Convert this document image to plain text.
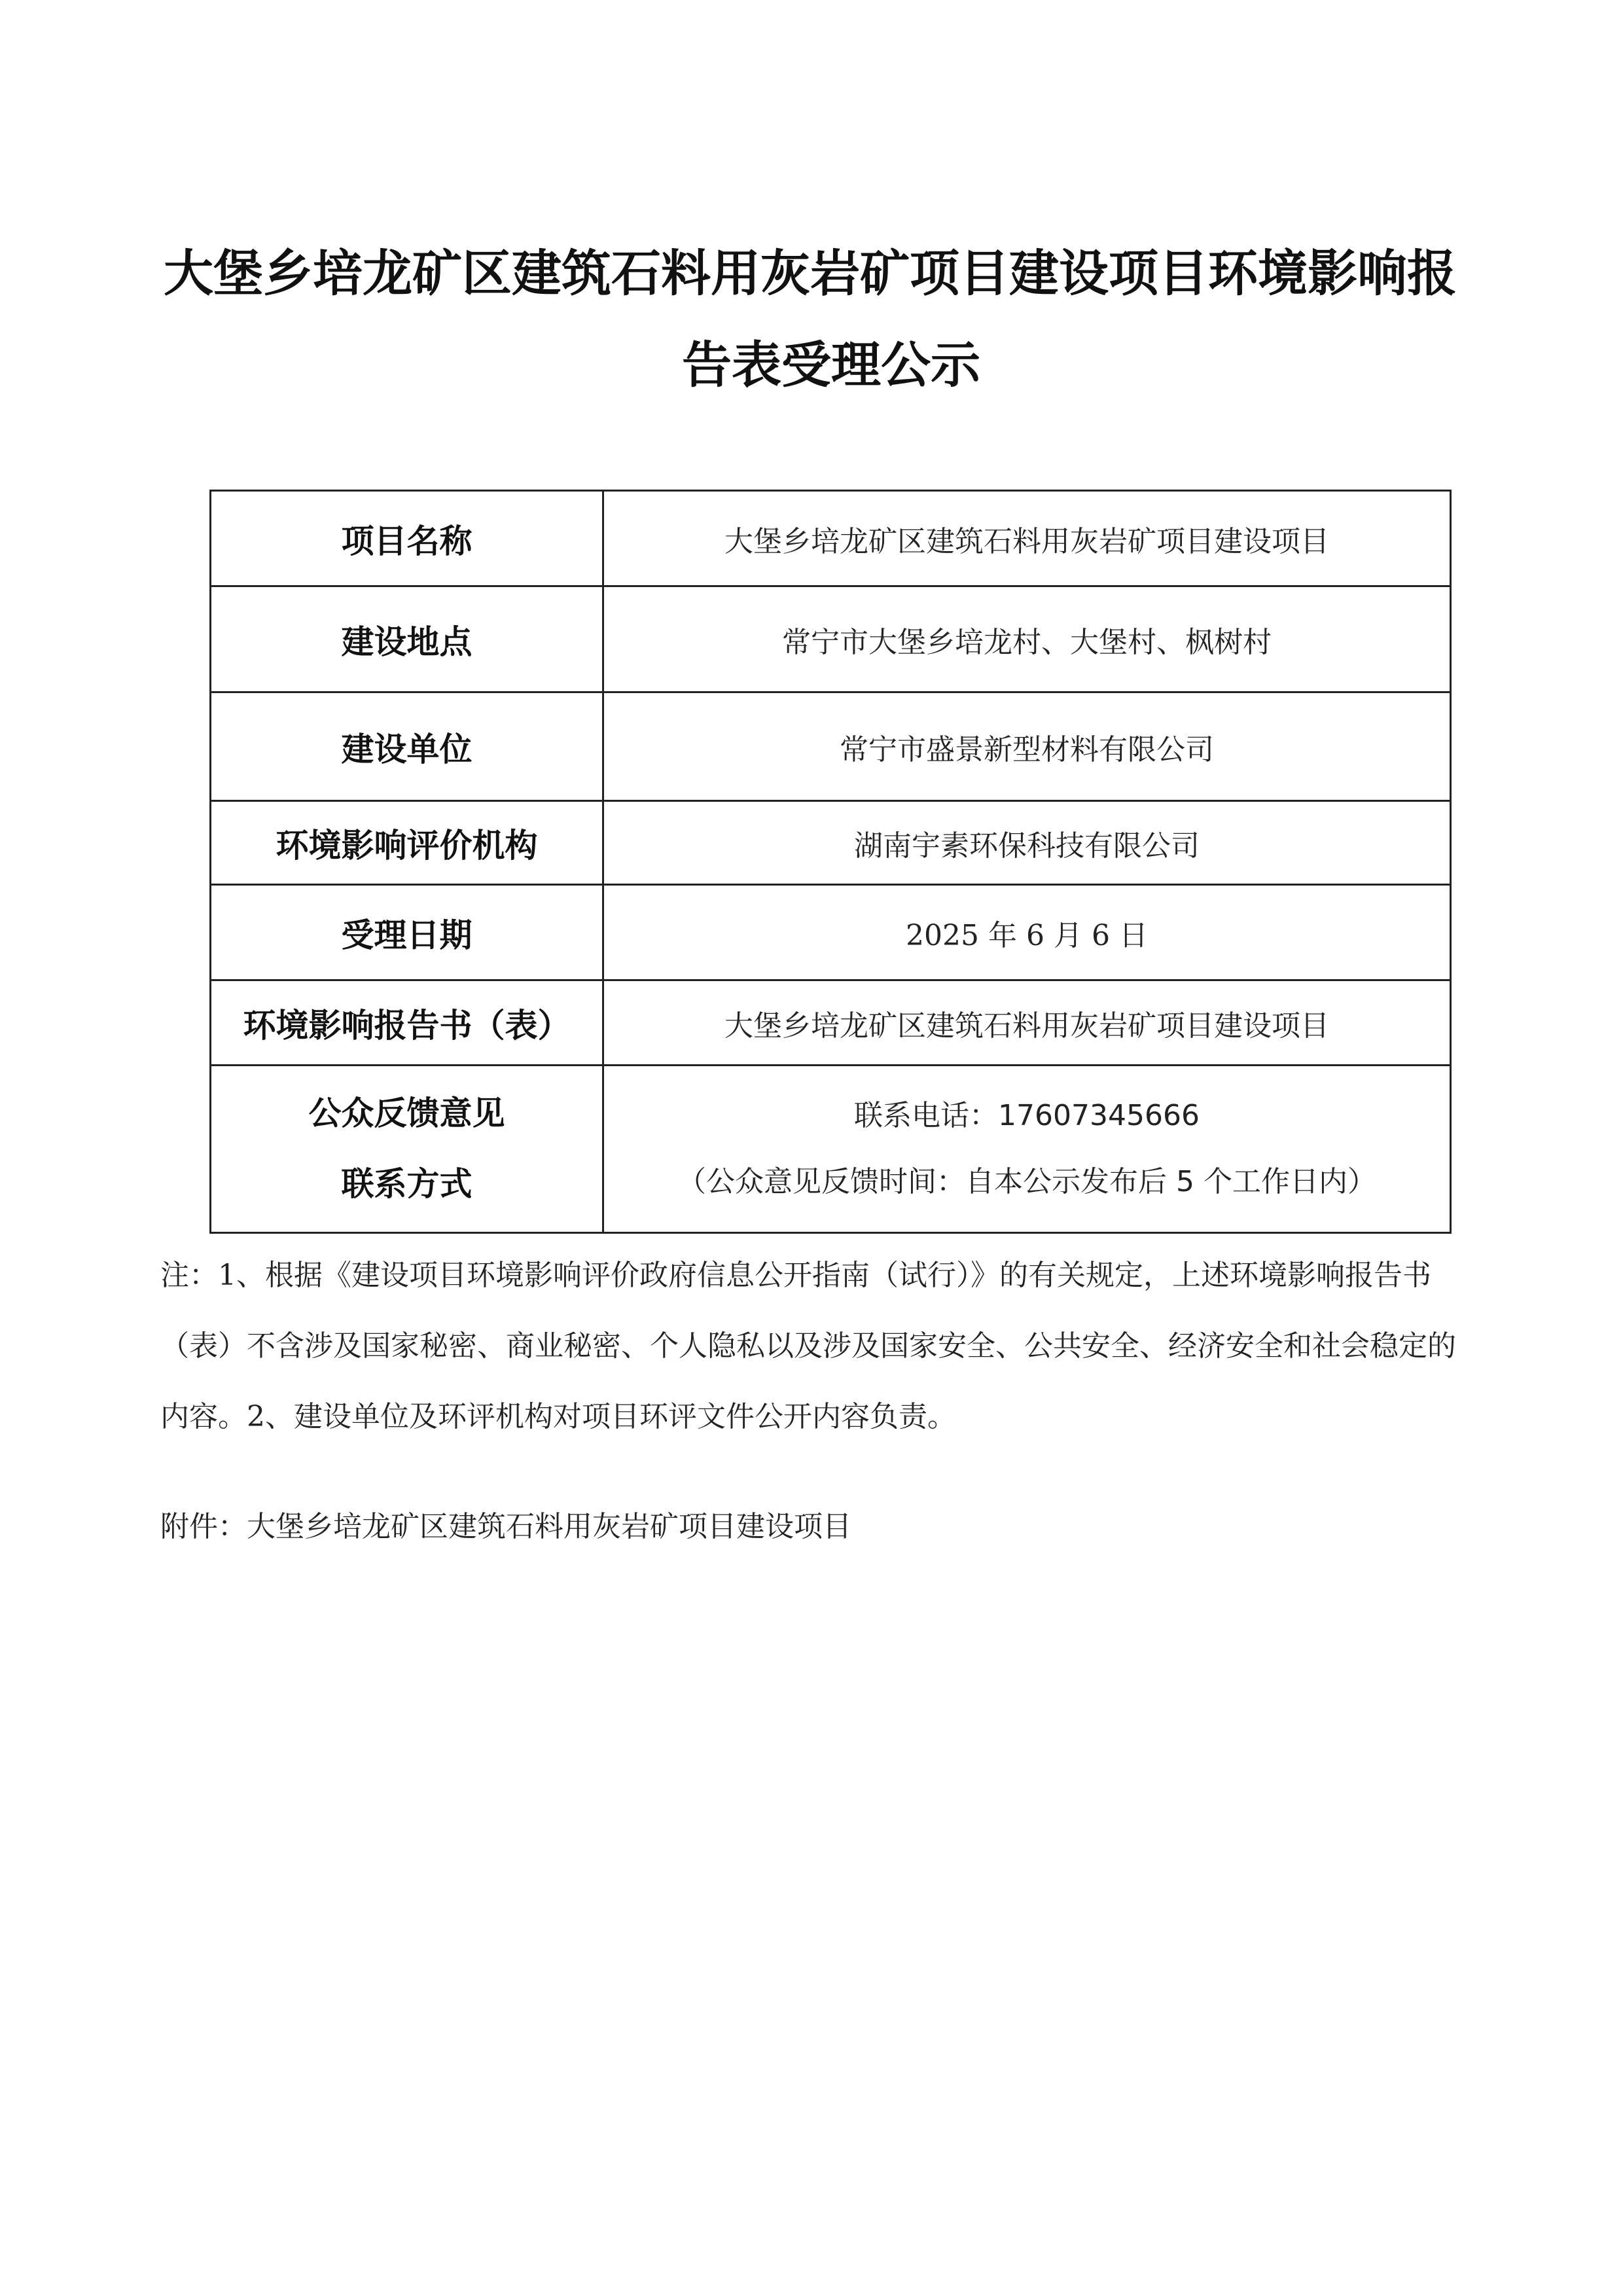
大堡乡培龙矿区建筑石料用灰岩矿项目建设项目环境影响报
告表受理公示
项目名称	大堡乡培龙矿区建筑石料用灰岩矿项目建设项目
建设地点	常宁市大堡乡培龙村、大堡村、枫树村
建设单位	常宁市盛景新型材料有限公司
环境影响评价机构	湖南宇素环保科技有限公司
受理日期	2025 年 6 月 6 日
环境影响报告书（表）	大堡乡培龙矿区建筑石料用灰岩矿项目建设项目

公众反馈意见
联系方式	联系电话：17607345666
（公众意见反馈时间：自本公示发布后 5 个工作日内）
注：1、根据《建设项目环境影响评价政府信息公开指南（试行）》的有关规定，上述环境影响报告书（表）不含涉及国家秘密、商业秘密、个人隐私以及涉及国家安全、公共安全、经济安全和社会稳定的内容。2、建设单位及环评机构对项目环评文件公开内容负责。
附件：大堡乡培龙矿区建筑石料用灰岩矿项目建设项目
